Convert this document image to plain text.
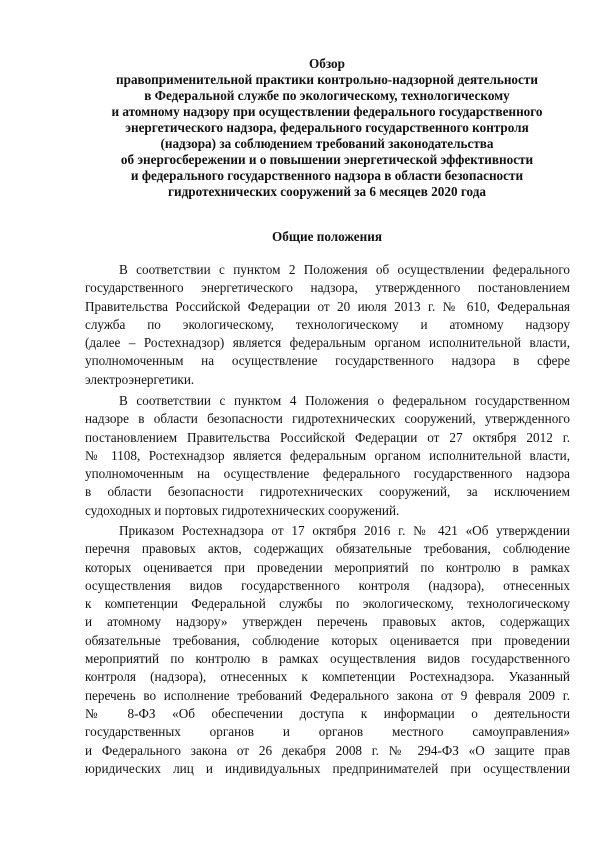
Обзор
правоприменительной практики контрольно-надзорной деятельности
в Федеральной службе по экологическому, технологическому
и атомному надзору при осуществлении федерального государственного
энергетического надзора, федерального государственного контроля
(надзора) за соблюдением требований законодательства
об энергосбережении и о повышении энергетической эффективности
и федерального государственного надзора в области безопасности
гидротехнических сооружений за 6 месяцев 2020 года
Общие положения
В соответствии с пунктом 2 Положения об осуществлении федерального
государственного энергетического надзора, утвержденного постановлением
Правительства Российской Федерации от 20 июля 2013 г. № 610, Федеральная
служба по экологическому, технологическому и атомному надзору
(далее – Ростехнадзор) является федеральным органом исполнительной власти,
уполномоченным на осуществление государственного надзора в сфере
электроэнергетики.
В соответствии с пунктом 4 Положения о федеральном государственном
надзоре в области безопасности гидротехнических сооружений, утвержденного
постановлением Правительства Российской Федерации от 27 октября 2012 г.
№ 1108, Ростехнадзор является федеральным органом исполнительной власти,
уполномоченным на осуществление федерального государственного надзора
в области безопасности гидротехнических сооружений, за исключением
судоходных и портовых гидротехнических сооружений.
Приказом Ростехнадзора от 17 октября 2016 г. № 421 «Об утверждении
перечня правовых актов, содержащих обязательные требования, соблюдение
которых оценивается при проведении мероприятий по контролю в рамках
осуществления видов государственного контроля (надзора), отнесенных
к компетенции Федеральной службы по экологическому, технологическому
и атомному надзору» утвержден перечень правовых актов, содержащих
обязательные требования, соблюдение которых оценивается при проведении
мероприятий по контролю в рамках осуществления видов государственного
контроля (надзора), отнесенных к компетенции Ростехнадзора. Указанный
перечень во исполнение требований Федерального закона от 9 февраля 2009 г.
№ 8-ФЗ «Об обеспечении доступа к информации о деятельности
государственных органов и органов местного самоуправления»
и Федерального закона от 26 декабря 2008 г. № 294-ФЗ «О защите прав
юридических лиц и индивидуальных предпринимателей при осуществлении
